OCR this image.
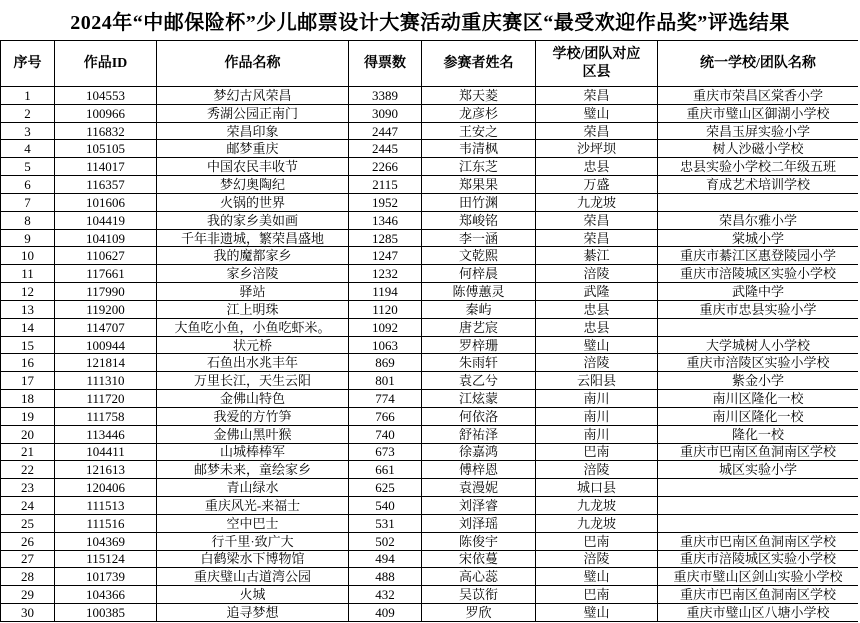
2024年“中邮保险杯”少儿邮票设计大赛活动重庆赛区“最受欢迎作品奖”评选结果
序号	作品ID	作品名称	得票数	参赛者姓名	学校/团队对应区县	统一学校/团队名称
1	104553	梦幻古风荣昌	3389	郑天菱	荣昌	重庆市荣昌区棠香小学
2	100966	秀湖公园正南门	3090	龙彦杉	璧山	重庆市璧山区御湖小学校
3	116832	荣昌印象	2447	王安之	荣昌	荣昌玉屏实验小学
4	105105	邮梦重庆	2445	韦清枫	沙坪坝	树人沙磁小学校
5	114017	中国农民丰收节	2266	江东芝	忠县	忠县实验小学校二年级五班
6	116357	梦幻奥陶纪	2115	郑果果	万盛	育成艺术培训学校
7	101606	火锅的世界	1952	田竹渊	九龙坡	
8	104419	我的家乡美如画	1346	郑峻铭	荣昌	荣昌尔雅小学
9	104109	千年非遗城，繁荣昌盛地	1285	李一涵	荣昌	棠城小学
10	110627	我的魔都家乡	1247	文乾熙	綦江	重庆市綦江区惠登陵园小学
11	117661	家乡涪陵	1232	何梓晨	涪陵	重庆市涪陵城区实验小学校
12	117990	驿站	1194	陈傅蕙灵	武隆	武隆中学
13	119200	江上明珠	1120	秦屿	忠县	重庆市忠县实验小学
14	114707	大鱼吃小鱼，小鱼吃虾米。	1092	唐艺宸	忠县	
15	100944	状元桥	1063	罗梓珊	璧山	大学城树人小学校
16	121814	石鱼出水兆丰年	869	朱雨轩	涪陵	重庆市涪陵区实验小学校
17	111310	万里长江，天生云阳	801	袁乙兮	云阳县	紫金小学
18	111720	金佛山特色	774	江炫蒙	南川	南川区隆化一校
19	111758	我爱的方竹笋	766	何依洛	南川	南川区隆化一校
20	113446	金佛山黑叶猴	740	舒祐泽	南川	隆化一校
21	104411	山城棒棒军	673	徐嘉鸿	巴南	重庆市巴南区鱼洞南区学校
22	121613	邮梦未来，童绘家乡	661	傅梓恩	涪陵	城区实验小学
23	120406	青山绿水	625	袁漫妮	城口县	
24	111513	重庆风光-来福士	540	刘泽睿	九龙坡	
25	111516	空中巴士	531	刘泽瑶	九龙坡	
26	104369	行千里·致广大	502	陈俊宇	巴南	重庆市巴南区鱼洞南区学校
27	115124	白鹤梁水下博物馆	494	宋依蔓	涪陵	重庆市涪陵城区实验小学校
28	101739	重庆璧山古道湾公园	488	高心蕊	璧山	重庆市璧山区剑山实验小学校
29	104366	火城	432	吴苡衔	巴南	重庆市巴南区鱼洞南区学校
30	100385	追寻梦想	409	罗欣	璧山	重庆市璧山区八塘小学校
